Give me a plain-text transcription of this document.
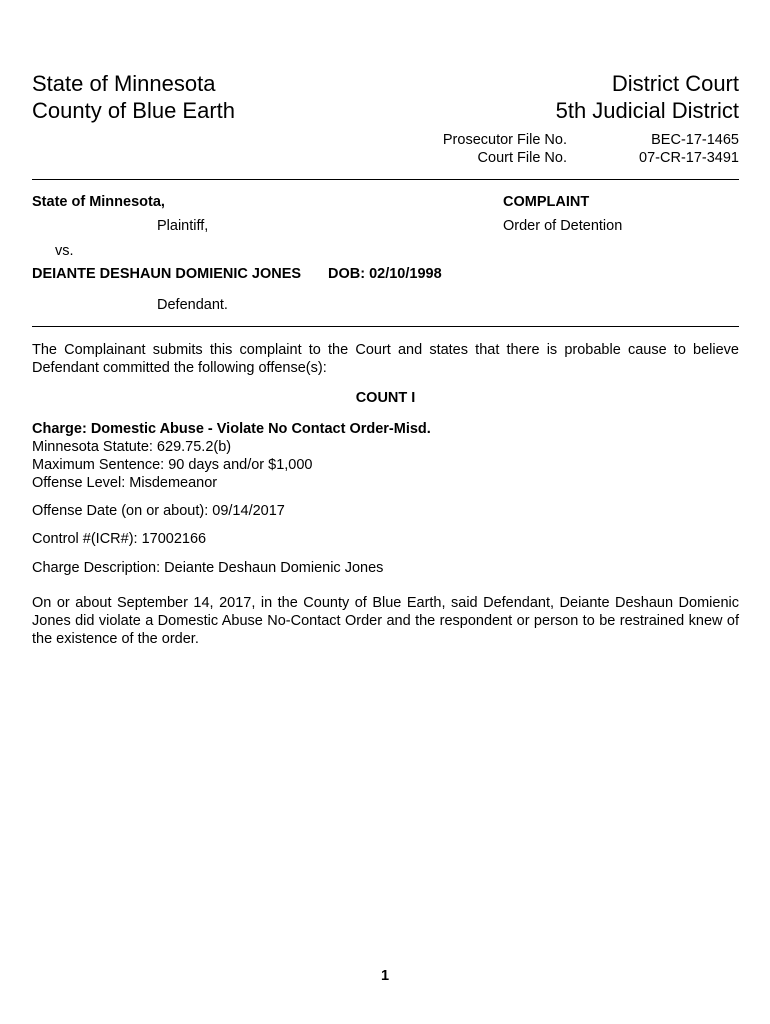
State of Minnesota
County of Blue Earth
District Court
5th Judicial District
Prosecutor File No.	BEC-17-1465
Court File No.	07-CR-17-3491
State of Minnesota,	COMPLAINT
Plaintiff,	Order of Detention
vs.
DEIANTE DESHAUN DOMIENIC JONES DOB: 02/10/1998
Defendant.
The Complainant submits this complaint to the Court and states that there is probable cause to believe Defendant committed the following offense(s):
COUNT I
Charge: Domestic Abuse - Violate No Contact Order-Misd.
Minnesota Statute: 629.75.2(b)
Maximum Sentence: 90 days and/or $1,000
Offense Level: Misdemeanor
Offense Date (on or about): 09/14/2017
Control #(ICR#): 17002166
Charge Description: Deiante Deshaun Domienic Jones
On or about September 14, 2017, in the County of Blue Earth, said Defendant, Deiante Deshaun Domienic Jones did violate a Domestic Abuse No-Contact Order and the respondent or person to be restrained knew of the existence of the order.
1
